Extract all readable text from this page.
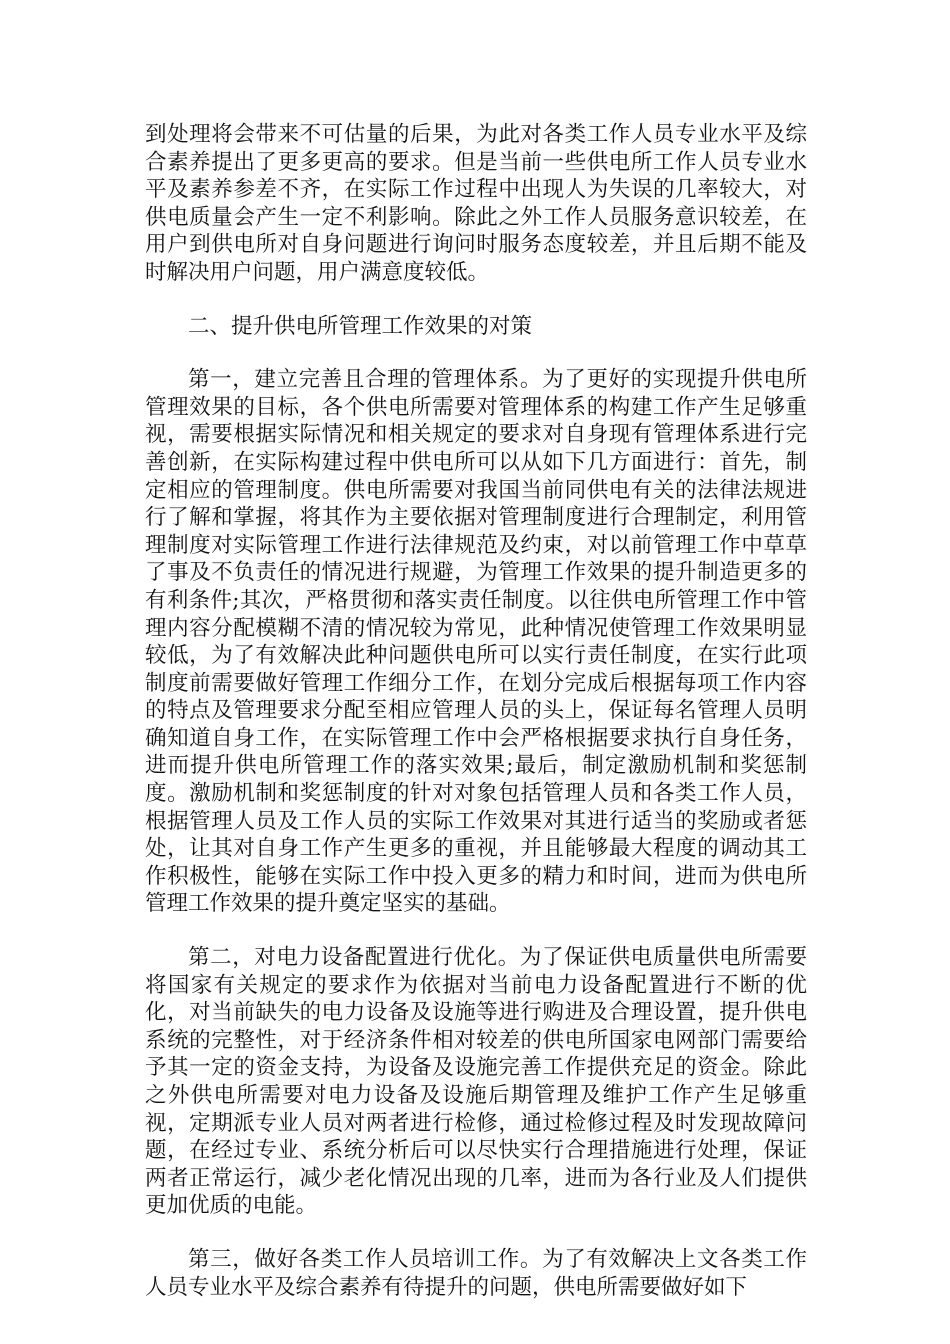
到处理将会带来不可估量的后果，为此对各类工作人员专业水平及综合素养提出了更多更高的要求。但是当前一些供电所工作人员专业水平及素养参差不齐，在实际工作过程中出现人为失误的几率较大，对供电质量会产生一定不利影响。除此之外工作人员服务意识较差，在用户到供电所对自身问题进行询问时服务态度较差，并且后期不能及时解决用户问题，用户满意度较低。

二、提升供电所管理工作效果的对策

第一，建立完善且合理的管理体系。为了更好的实现提升供电所管理效果的目标，各个供电所需要对管理体系的构建工作产生足够重视，需要根据实际情况和相关规定的要求对自身现有管理体系进行完善创新，在实际构建过程中供电所可以从如下几方面进行：首先，制定相应的管理制度。供电所需要对我国当前同供电有关的法律法规进行了解和掌握，将其作为主要依据对管理制度进行合理制定，利用管理制度对实际管理工作进行法律规范及约束，对以前管理工作中草草了事及不负责任的情况进行规避，为管理工作效果的提升制造更多的有利条件;其次，严格贯彻和落实责任制度。以往供电所管理工作中管理内容分配模糊不清的情况较为常见，此种情况使管理工作效果明显较低，为了有效解决此种问题供电所可以实行责任制度，在实行此项制度前需要做好管理工作细分工作，在划分完成后根据每项工作内容的特点及管理要求分配至相应管理人员的头上，保证每名管理人员明确知道自身工作，在实际管理工作中会严格根据要求执行自身任务，进而提升供电所管理工作的落实效果;最后，制定激励机制和奖惩制度。激励机制和奖惩制度的针对对象包括管理人员和各类工作人员，根据管理人员及工作人员的实际工作效果对其进行适当的奖励或者惩处，让其对自身工作产生更多的重视，并且能够最大程度的调动其工作积极性，能够在实际工作中投入更多的精力和时间，进而为供电所管理工作效果的提升奠定坚实的基础。

第二，对电力设备配置进行优化。为了保证供电质量供电所需要将国家有关规定的要求作为依据对当前电力设备配置进行不断的优化，对当前缺失的电力设备及设施等进行购进及合理设置，提升供电系统的完整性，对于经济条件相对较差的供电所国家电网部门需要给予其一定的资金支持，为设备及设施完善工作提供充足的资金。除此之外供电所需要对电力设备及设施后期管理及维护工作产生足够重视，定期派专业人员对两者进行检修，通过检修过程及时发现故障问题，在经过专业、系统分析后可以尽快实行合理措施进行处理，保证两者正常运行，减少老化情况出现的几率，进而为各行业及人们提供更加优质的电能。

第三，做好各类工作人员培训工作。为了有效解决上文各类工作人员专业水平及综合素养有待提升的问题，供电所需要做好如下
